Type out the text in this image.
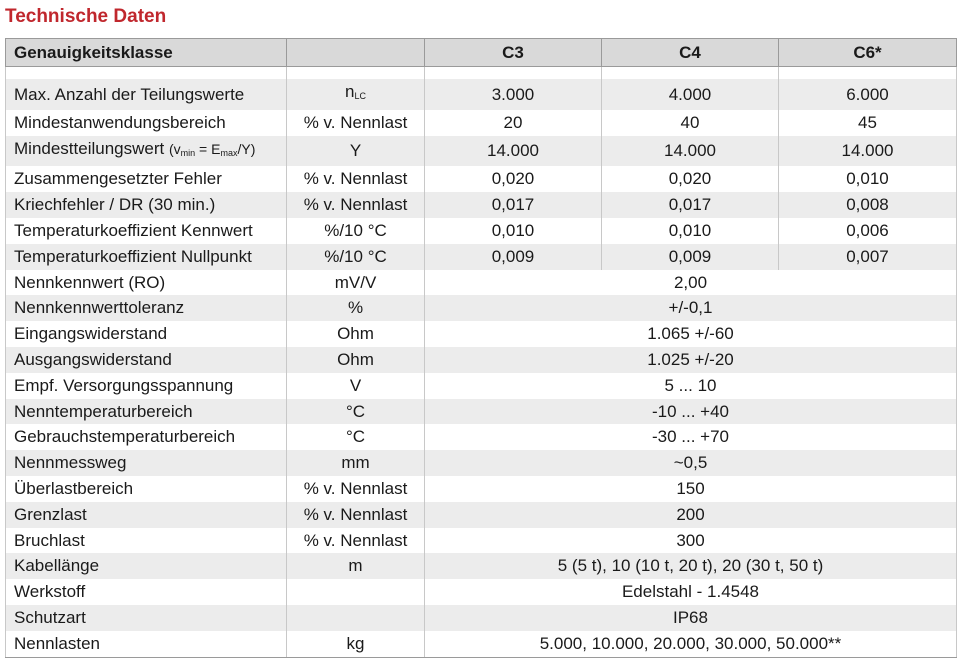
Technische Daten
Genauigkeitsklasse		C3	C4	C6*

Max. Anzahl der Teilungswerte	$n_{LC}$	3.000	4.000	6.000
Mindestanwendungsbereich	% v. Nennlast	20	40	45
Mindestteilungswert $(v_{min} = E_{max}/Y)$	Y	14.000	14.000	14.000
Zusammengesetzter Fehler	% v. Nennlast	0,020	0,020	0,010
Kriechfehler / DR (30 min.)	% v. Nennlast	0,017	0,017	0,008
Temperaturkoeffizient Kennwert	%/10 °C	0,010	0,010	0,006
Temperaturkoeffizient Nullpunkt	%/10 °C	0,009	0,009	0,007
Nennkennwert (RO)	mV/V	2,00		
Nennkennwerttoleranz	%	+/-0,1		
Eingangswiderstand	Ohm	1.065 +/-60		
Ausgangswiderstand	Ohm	1.025 +/-20		
Empf. Versorgungsspannung	V	5 ... 10		
Nenntemperaturbereich	°C	-10 ... +40		
Gebrauchstemperaturbereich	°C	-30 ... +70		
Nennmessweg	mm	~0,5		
Überlastbereich	% v. Nennlast	150		
Grenzlast	% v. Nennlast	200		
Bruchlast	% v. Nennlast	300		
Kabellänge	m	5 (5 t), 10 (10 t, 20 t), 20 (30 t, 50 t)		
Werkstoff		Edelstahl - 1.4548		
Schutzart		IP68		
Nennlasten	kg	5.000, 10.000, 20.000, 30.000, 50.000**		
